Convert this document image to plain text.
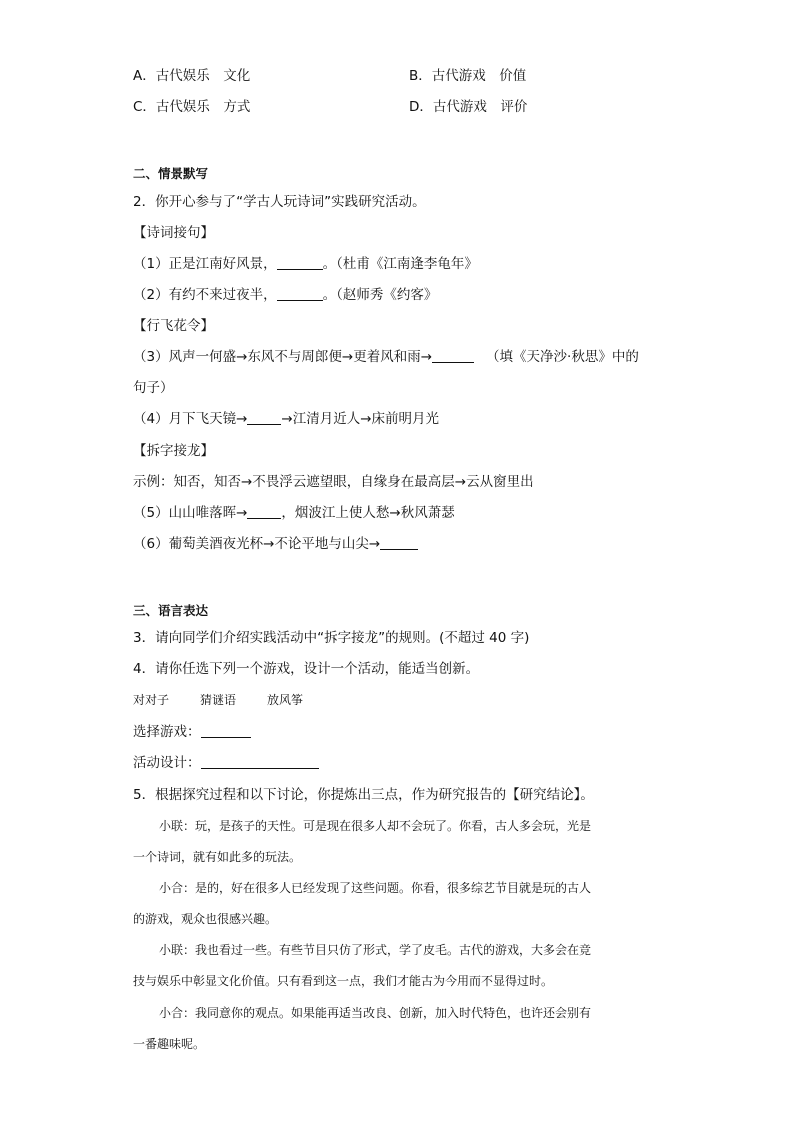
A．古代娱乐　文化	B．古代游戏　价值
C．古代娱乐　方式	D．古代游戏　评价
二、情景默写
2．你开心参与了“学古人玩诗词”实践研究活动。
【诗词接句】
（1）正是江南好风景，	。（杜甫《江南逢李龟年》
（2）有约不来过夜半，	。（赵师秀《约客》
【行飞花令】
（3）风声一何盛→东风不与周郎便→更着风和雨→	（填《天净沙·秋思》中的
句子）
（4）月下飞天镜→	→江清月近人→床前明月光
【拆字接龙】
示例：知否，知否→不畏浮云遮望眼，自缘身在最高层→云从窗里出
（5）山山唯落晖→	，烟波江上使人愁→秋风萧瑟
（6）葡萄美酒夜光杯→不论平地与山尖→
三、语言表达
3．请向同学们介绍实践活动中“拆字接龙”的规则。(不超过 40 字)
4．请你任选下列一个游戏，设计一个活动，能适当创新。
对对子	猜谜语	放风筝
选择游戏：
活动设计：
5．根据探究过程和以下讨论，你提炼出三点，作为研究报告的【研究结论】。
小联：玩，是孩子的天性。可是现在很多人却不会玩了。你看，古人多会玩，光是
一个诗词，就有如此多的玩法。
小合：是的，好在很多人已经发现了这些问题。你看，很多综艺节目就是玩的古人
的游戏，观众也很感兴趣。
小联：我也看过一些。有些节目只仿了形式，学了皮毛。古代的游戏，大多会在竞
技与娱乐中彰显文化价值。只有看到这一点，我们才能古为今用而不显得过时。
小合：我同意你的观点。如果能再适当改良、创新，加入时代特色，也许还会别有
一番趣味呢。
